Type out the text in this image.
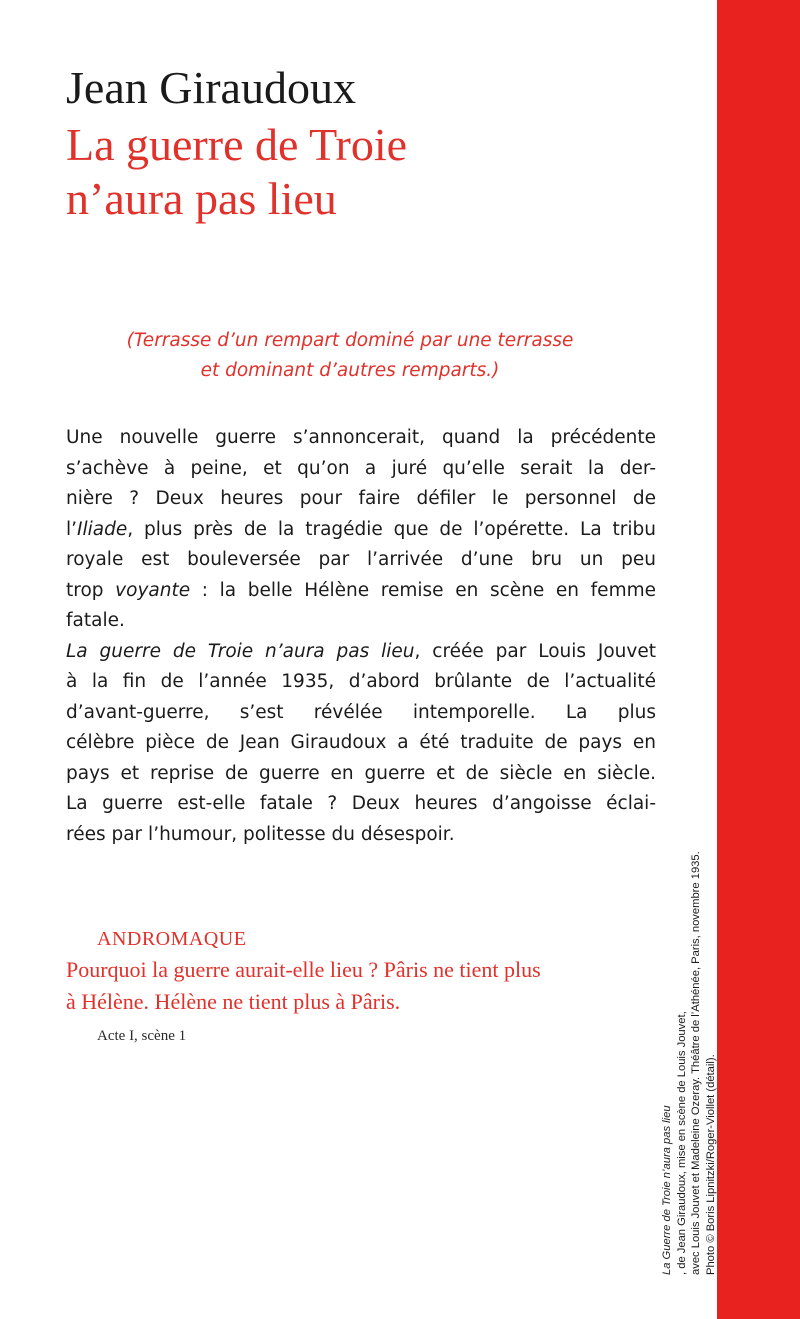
Jean Giraudoux
La guerre de Troie
n’aura pas lieu
(Terrasse d’un rempart dominé par une terrasse
et dominant d’autres remparts.)
Une nouvelle guerre s’annoncerait, quand la précédente
s’achève à peine, et qu’on a juré qu’elle serait la der-
nière ? Deux heures pour faire défiler le personnel de
l’Iliade, plus près de la tragédie que de l’opérette. La tribu
royale est bouleversée par l’arrivée d’une bru un peu
trop voyante : la belle Hélène remise en scène en femme
fatale.
La guerre de Troie n’aura pas lieu, créée par Louis Jouvet
à la fin de l’année 1935, d’abord brûlante de l’actualité
d’avant-guerre, s’est révélée intemporelle. La plus
célèbre pièce de Jean Giraudoux a été traduite de pays en
pays et reprise de guerre en guerre et de siècle en siècle.
La guerre est-elle fatale ? Deux heures d’angoisse éclai-
rées par l’humour, politesse du désespoir.
ANDROMAQUE
Pourquoi la guerre aurait-elle lieu ? Pâris ne tient plus
à Hélène. Hélène ne tient plus à Pâris.
Acte I, scène 1
La Guerre de Troie n’aura pas lieu , de Jean Giraudoux, mise en scène de Louis Jouvet, avec Louis Jouvet et Madeleine Ozeray. Théâtre de l’Athénée, Paris, novembre 1935. Photo © Boris Lipnitzki/Roger-Viollet (détail).
